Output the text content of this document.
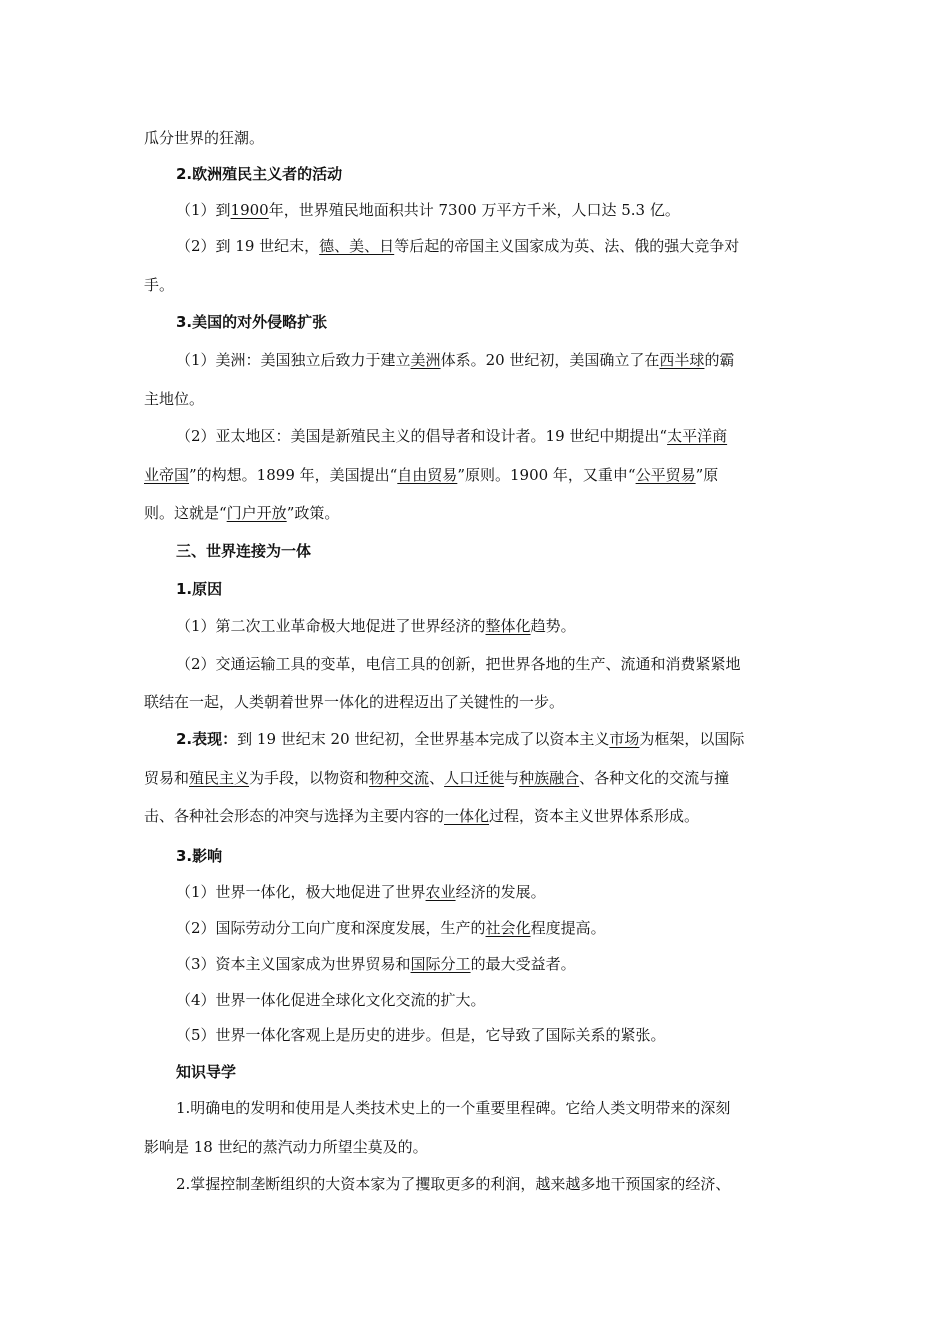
瓜分世界的狂潮。
2.欧洲殖民主义者的活动
（1）到1900年，世界殖民地面积共计 7300 万平方千米，人口达 5.3 亿。
（2）到 19 世纪末，德、美、日等后起的帝国主义国家成为英、法、俄的强大竞争对
手。
3.美国的对外侵略扩张
（1）美洲：美国独立后致力于建立美洲体系。20 世纪初，美国确立了在西半球的霸
主地位。
（2）亚太地区：美国是新殖民主义的倡导者和设计者。19 世纪中期提出“太平洋商
业帝国”的构想。1899 年，美国提出“自由贸易”原则。1900 年，又重申“公平贸易”原
则。这就是“门户开放”政策。
三、世界连接为一体
1.原因
（1）第二次工业革命极大地促进了世界经济的整体化趋势。
（2）交通运输工具的变革，电信工具的创新，把世界各地的生产、流通和消费紧紧地
联结在一起，人类朝着世界一体化的进程迈出了关键性的一步。
2.表现：到 19 世纪末 20 世纪初，全世界基本完成了以资本主义市场为框架，以国际
贸易和殖民主义为手段，以物资和物种交流、人口迁徙与种族融合、各种文化的交流与撞
击、各种社会形态的冲突与选择为主要内容的一体化过程，资本主义世界体系形成。
3.影响
（1）世界一体化，极大地促进了世界农业经济的发展。
（2）国际劳动分工向广度和深度发展，生产的社会化程度提高。
（3）资本主义国家成为世界贸易和国际分工的最大受益者。
（4）世界一体化促进全球化文化交流的扩大。
（5）世界一体化客观上是历史的进步。但是，它导致了国际关系的紧张。
知识导学
1.明确电的发明和使用是人类技术史上的一个重要里程碑。它给人类文明带来的深刻
影响是 18 世纪的蒸汽动力所望尘莫及的。
2.掌握控制垄断组织的大资本家为了攫取更多的利润，越来越多地干预国家的经济、
